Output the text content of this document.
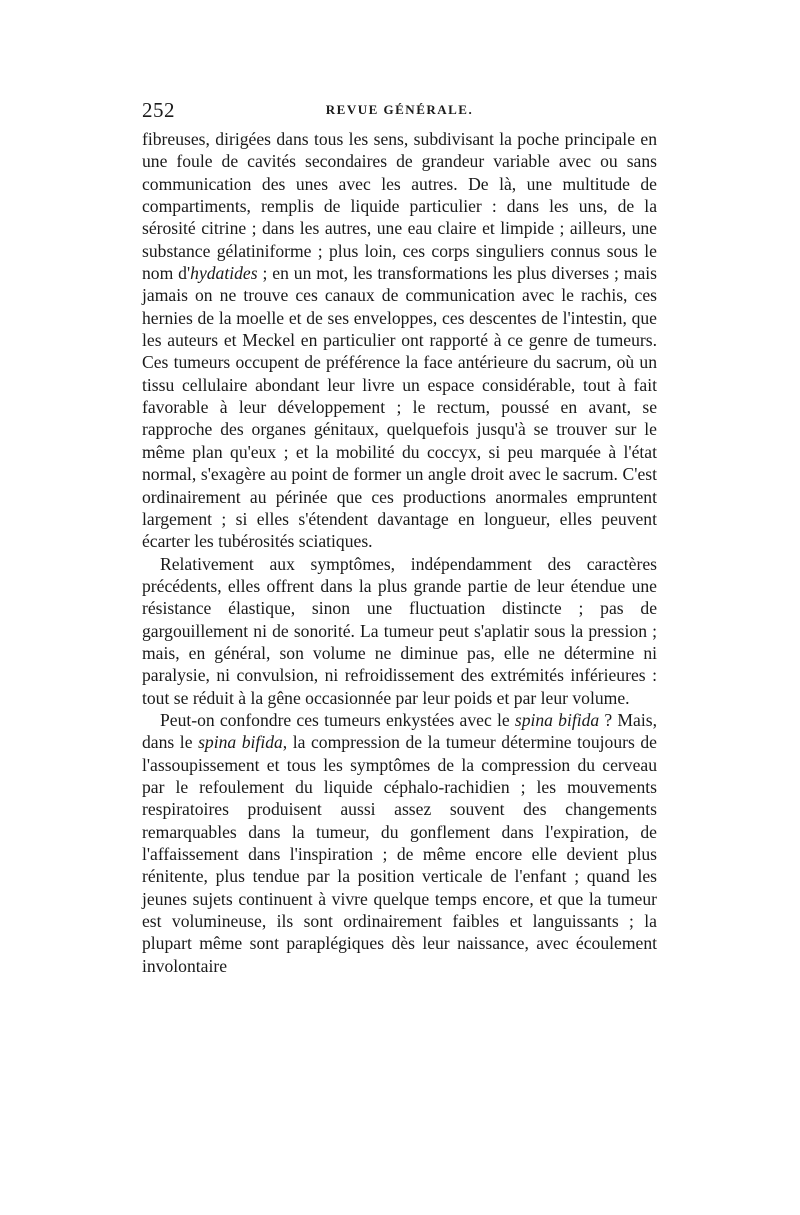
252	REVUE GÉNÉRALE.

fibreuses, dirigées dans tous les sens, subdivisant la poche principale en une foule de cavités secondaires de grandeur variable avec ou sans communication des unes avec les autres. De là, une multitude de compartiments, remplis de liquide particulier : dans les uns, de la sérosité citrine ; dans les autres, une eau claire et limpide ; ailleurs, une substance gélatiniforme ; plus loin, ces corps singuliers connus sous le nom d'hydatides ; en un mot, les transformations les plus diverses ; mais jamais on ne trouve ces canaux de communication avec le rachis, ces hernies de la moelle et de ses enveloppes, ces descentes de l'intestin, que les auteurs et Meckel en particulier ont rapporté à ce genre de tumeurs. Ces tumeurs occupent de préférence la face antérieure du sacrum, où un tissu cellulaire abondant leur livre un espace considérable, tout à fait favorable à leur développement ; le rectum, poussé en avant, se rapproche des organes génitaux, quelquefois jusqu'à se trouver sur le même plan qu'eux ; et la mobilité du coccyx, si peu marquée à l'état normal, s'exagère au point de former un angle droit avec le sacrum. C'est ordinairement au périnée que ces productions anormales empruntent largement ; si elles s'étendent davantage en longueur, elles peuvent écarter les tubérosités sciatiques.

Relativement aux symptômes, indépendamment des caractères précédents, elles offrent dans la plus grande partie de leur étendue une résistance élastique, sinon une fluctuation distincte ; pas de gargouillement ni de sonorité. La tumeur peut s'aplatir sous la pression ; mais, en général, son volume ne diminue pas, elle ne détermine ni paralysie, ni convulsion, ni refroidissement des extrémités inférieures : tout se réduit à la gêne occasionnée par leur poids et par leur volume.

Peut-on confondre ces tumeurs enkystées avec le spina bifida ? Mais, dans le spina bifida, la compression de la tumeur détermine toujours de l'assoupissement et tous les symptômes de la compression du cerveau par le refoulement du liquide céphalo-rachidien ; les mouvements respiratoires produisent aussi assez souvent des changements remarquables dans la tumeur, du gonflement dans l'expiration, de l'affaissement dans l'inspiration ; de même encore elle devient plus rénitente, plus tendue par la position verticale de l'enfant ; quand les jeunes sujets continuent à vivre quelque temps encore, et que la tumeur est volumineuse, ils sont ordinairement faibles et languissants ; la plupart même sont paraplégiques dès leur naissance, avec écoulement involontaire
